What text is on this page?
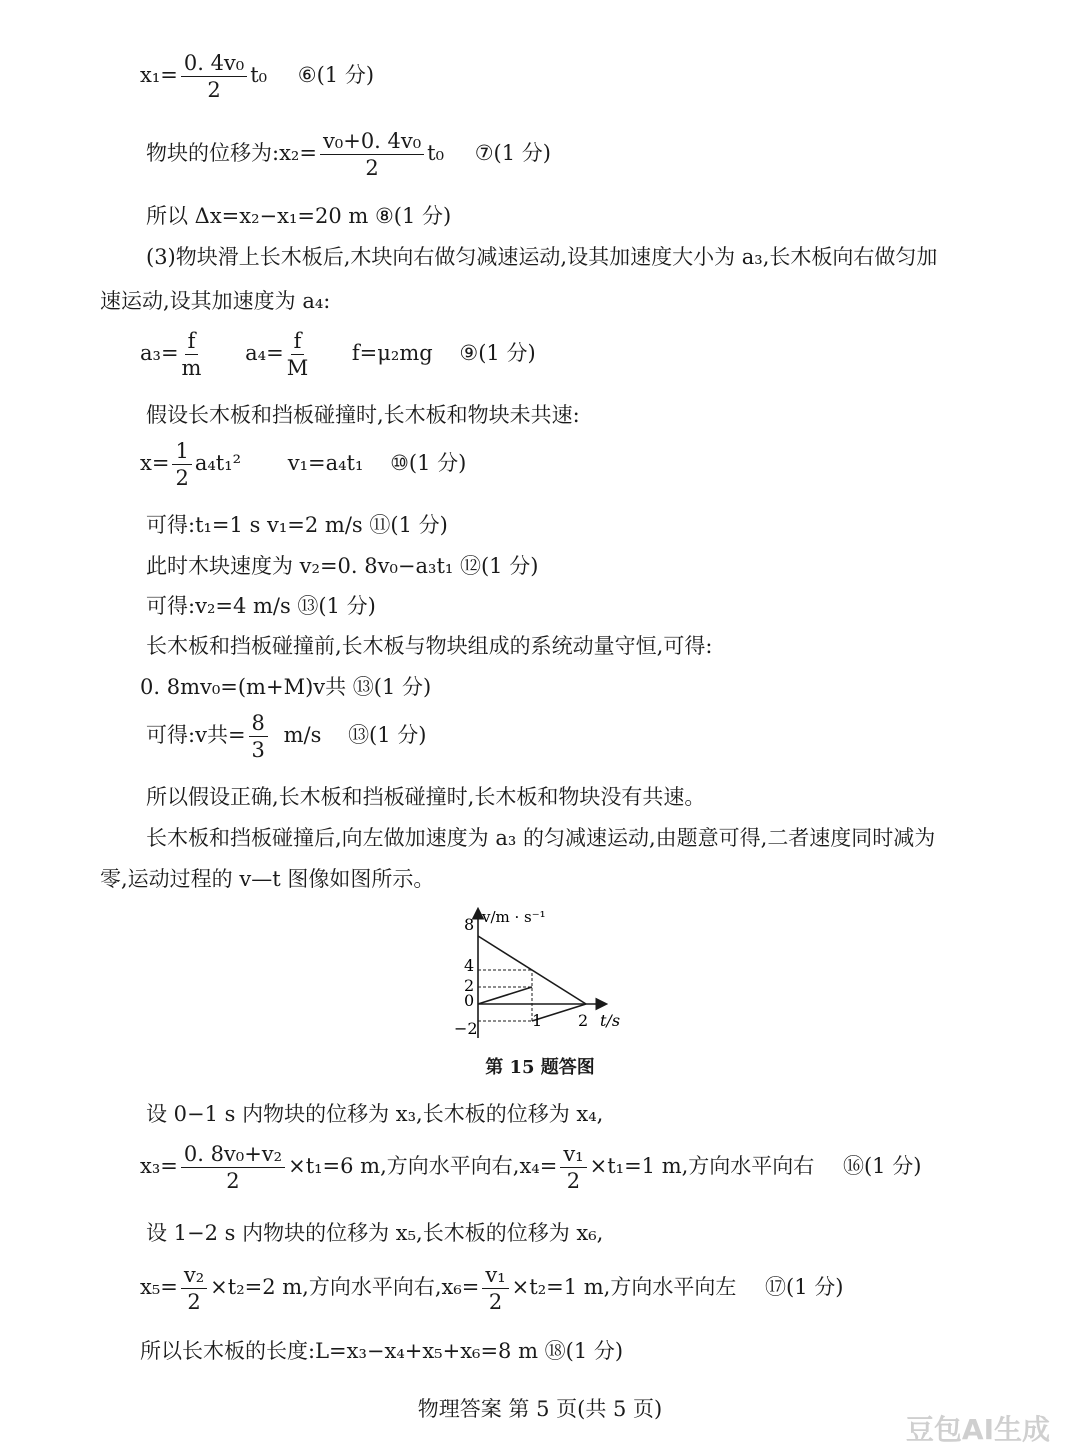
$x_1= \frac{\text{0. 4v₀}}{2} t_0$ ⑥(1 分)
物块的位移为:x₂= $\frac{\text{v₀+0. 4v₀}}{2} t_0$ ⑦(1 分)
所以 Δx=x₂−x₁=20 m ⑧(1 分)
(3)物块滑上长木板后,木块向右做匀减速运动,设其加速度大小为 a₃,长木板向右做匀加
速运动,设其加速度为 a₄:
$a_3= \frac{f}{m} a_4= \frac{f}{M} f=\mu_2mg$ ⑨(1 分)
假设长木板和挡板碰撞时,长木板和物块未共速:
$x= \frac{1}{2} a_4t_1^2$ v₁=a₄t₁ ⑩(1 分)
可得:t₁=1 s v₁=2 m/s ⑪(1 分)
此时木块速度为 v₂=0. 8v₀−a₃t₁ ⑫(1 分)
可得:v₂=4 m/s ⑬(1 分)
长木板和挡板碰撞前,长木板与物块组成的系统动量守恒,可得:
0. 8mv₀=(m+M)v共 ⑬(1 分)
可得:v共= $\frac{8}{3} m/s$ ⑬(1 分)
所以假设正确,长木板和挡板碰撞时,长木板和物块没有共速。
长木板和挡板碰撞后,向左做加速度为 a₃ 的匀减速运动,由题意可得,二者速度同时减为
零,运动过程的 v—t 图像如图所示。
v/m · s⁻¹
t/s
8
4
2
0
−2	1 2
第 15 题答图
设 0−1 s 内物块的位移为 x₃,长木板的位移为 x₄,
$x_3= \frac{\text{0. 8v₀+v₂}}{2} \times t_1=6$ m,方向水平向右$,x_4= \frac{\text{v₁}}{2} \times t_1=1$ m,方向水平向右 ⑯(1 分)
设 1−2 s 内物块的位移为 x₅,长木板的位移为 x₆,
$x_5= \frac{\text{v₂}}{2} \times t_2=2$ m,方向水平向右$,x_6= \frac{\text{v₁}}{2} \times t_2=1$ m,方向水平向左 ⑰(1 分)
所以长木板的长度:L=x₃−x₄+x₅+x₆=8 m ⑱(1 分)
物理答案 第 5 页(共 5 页)
豆包AI生成
